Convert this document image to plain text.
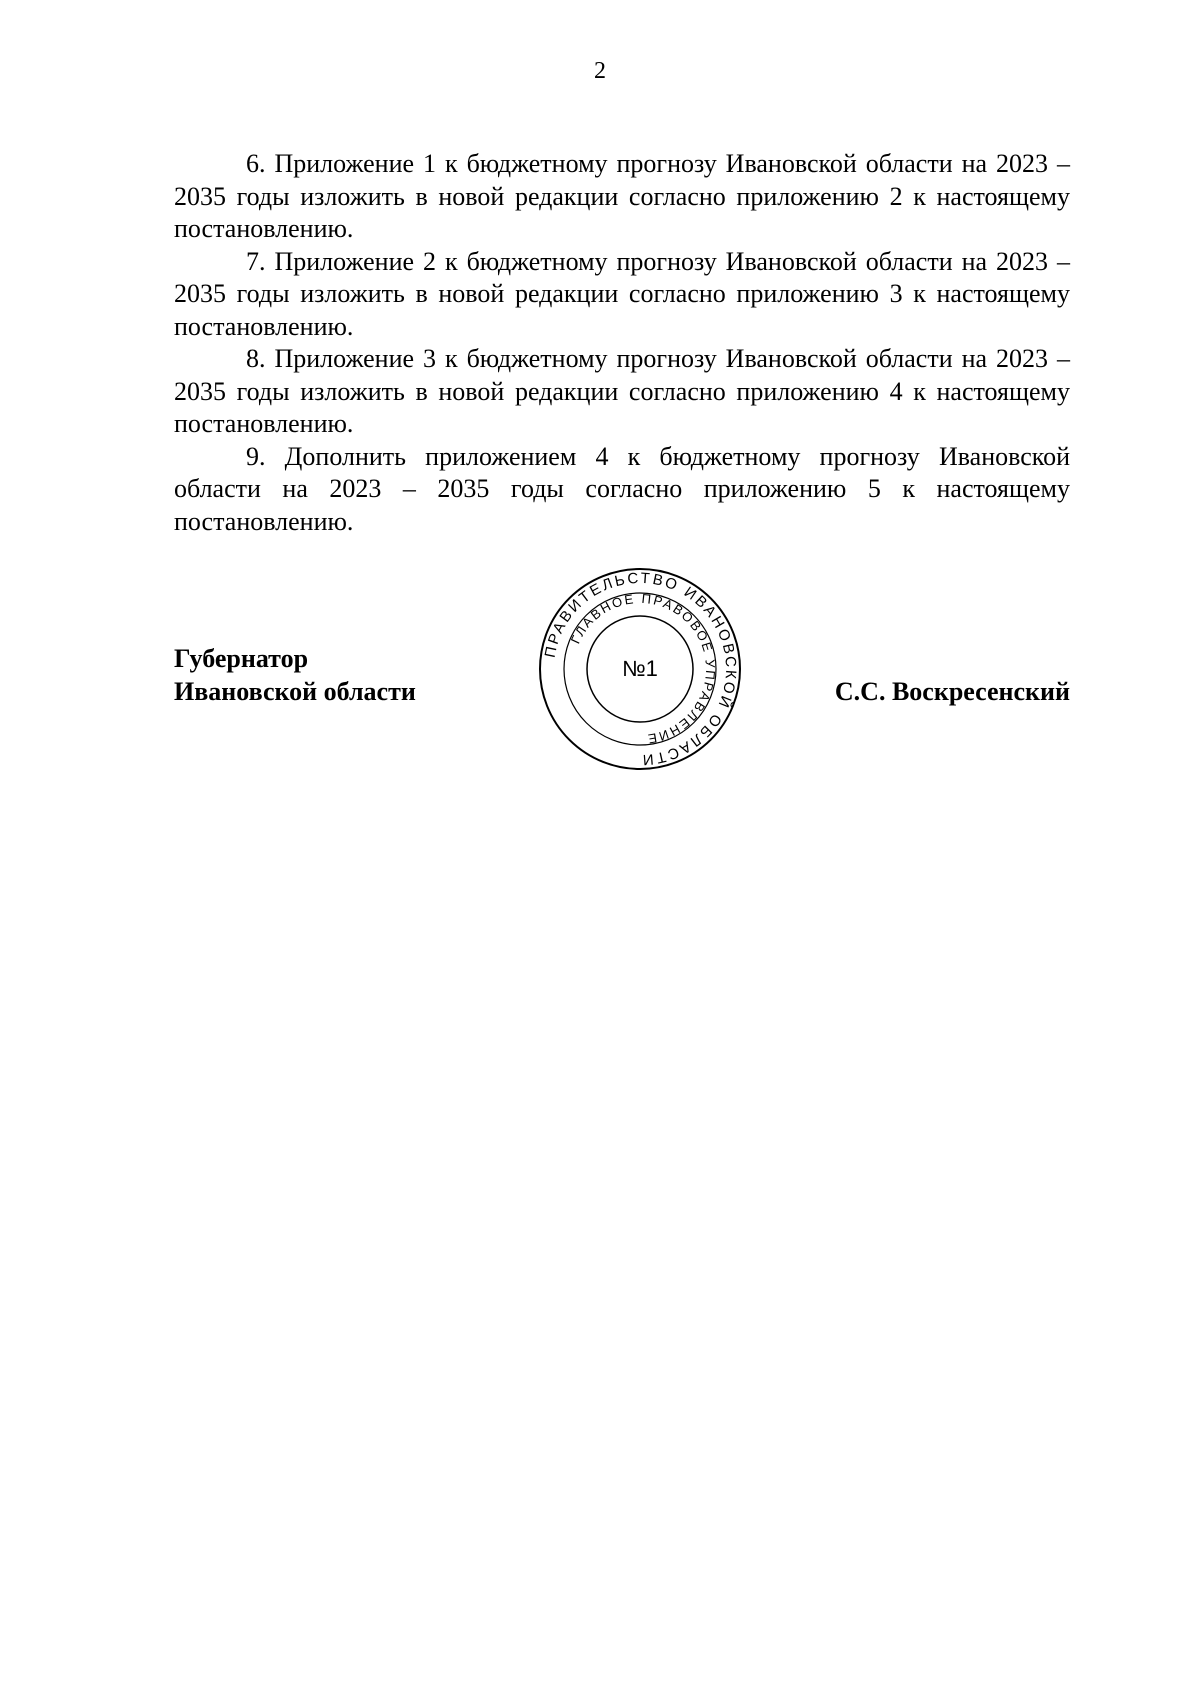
2

6. Приложение 1 к бюджетному прогнозу Ивановской области на 2023 – 2035 годы изложить в новой редакции согласно приложению 2 к настоящему постановлению.

7. Приложение 2 к бюджетному прогнозу Ивановской области на 2023 – 2035 годы изложить в новой редакции согласно приложению 3 к настоящему постановлению.

8. Приложение 3 к бюджетному прогнозу Ивановской области на 2023 – 2035 годы изложить в новой редакции согласно приложению 4 к настоящему постановлению.

9. Дополнить приложением 4 к бюджетному прогнозу Ивановской области на 2023 – 2035 годы согласно приложению 5 к настоящему постановлению.

Губернатор
Ивановской области
ПРАВИТЕЛЬСТВО ИВАНОВСКОЙ ОБЛАСТИ
ГЛАВНОЕ ПРАВОВОЕ УПРАВЛЕНИЕ
№1
С.С. Воскресенский
